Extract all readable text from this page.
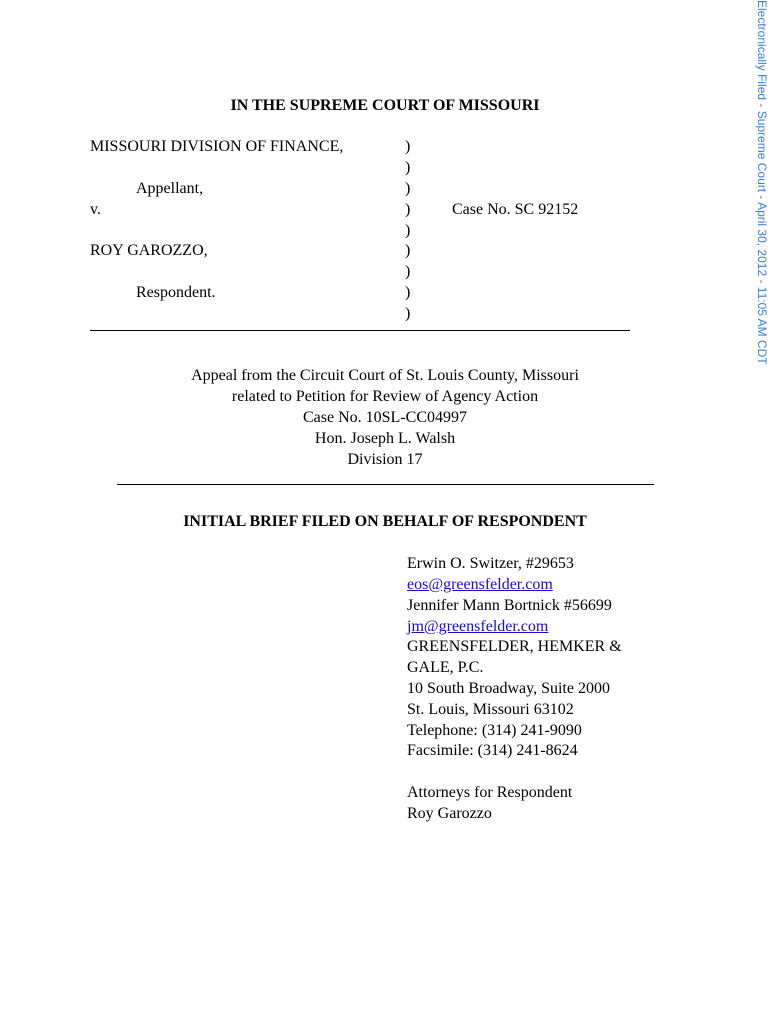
IN THE SUPREME COURT OF MISSOURI
MISSOURI DIVISION OF FINANCE,
Appellant,
v.
ROY GAROZZO,
Respondent.
Case No. SC 92152
)
)
)
)
)
)
)
)
)
Appeal from the Circuit Court of St. Louis County, Missouri
related to Petition for Review of Agency Action
Case No. 10SL-CC04997
Hon. Joseph L. Walsh
Division 17
INITIAL BRIEF FILED ON BEHALF OF RESPONDENT
Erwin O. Switzer, #29653
eos@greensfelder.com
Jennifer Mann Bortnick #56699
jm@greensfelder.com
GREENSFELDER, HEMKER &
GALE, P.C.
10 South Broadway, Suite 2000
St. Louis, Missouri 63102
Telephone: (314) 241-9090
Facsimile: (314) 241-8624
Attorneys for Respondent
Roy Garozzo
Electronically Filed - Supreme Court - April 30, 2012 - 11:05 AM CDT
